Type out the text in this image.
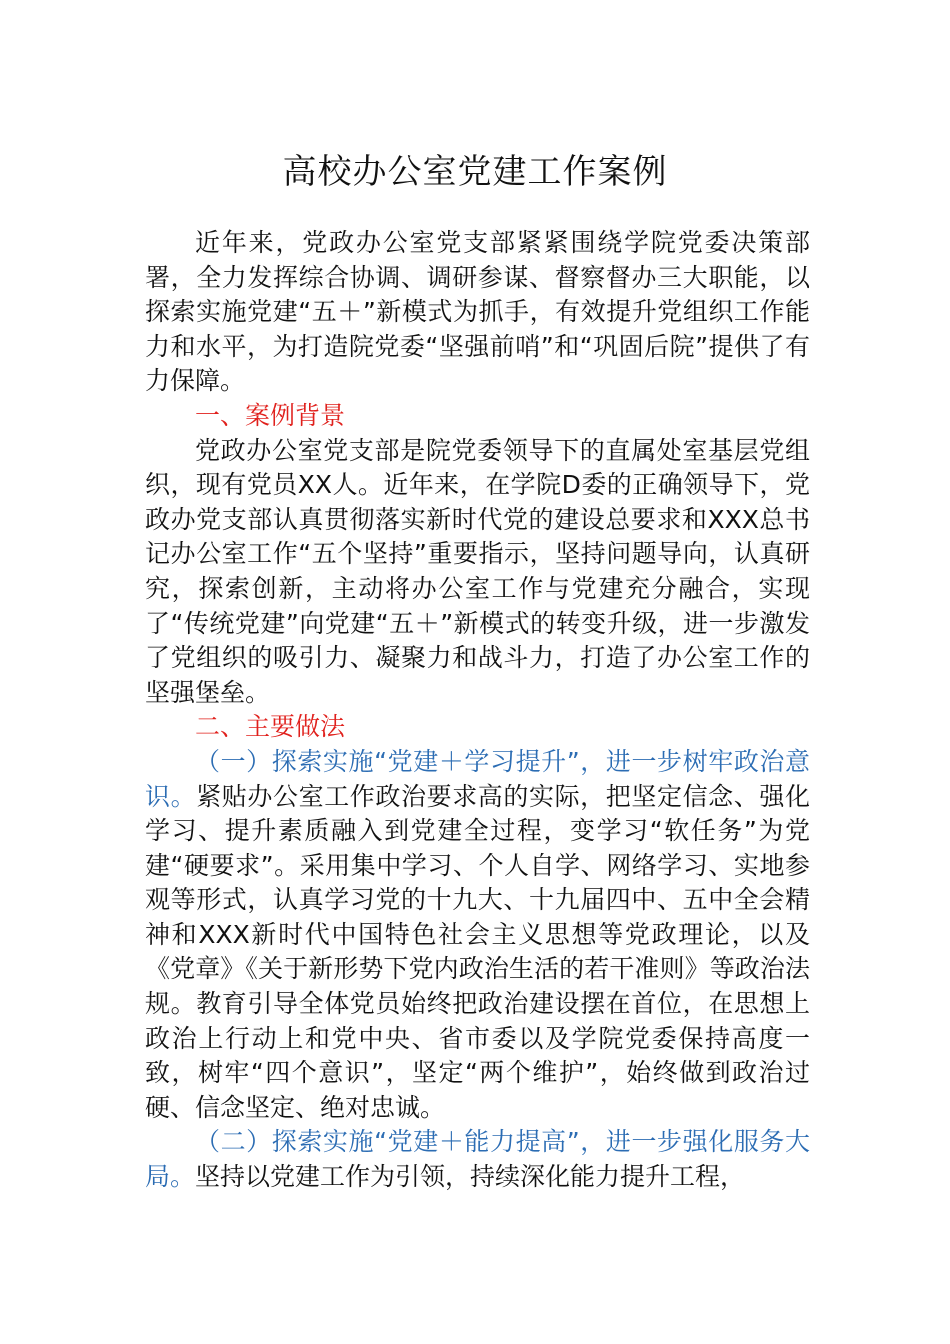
高校办公室党建工作案例

近年来，党政办公室党支部紧紧围绕学院党委决策部署，全力发挥综合协调、调研参谋、督察督办三大职能，以探索实施党建“五＋”新模式为抓手，有效提升党组织工作能力和水平，为打造院党委“坚强前哨”和“巩固后院”提供了有力保障。

一、案例背景

党政办公室党支部是院党委领导下的直属处室基层党组织，现有党员XX人。近年来，在学院D委的正确领导下，党政办党支部认真贯彻落实新时代党的建设总要求和XXX总书记办公室工作“五个坚持”重要指示，坚持问题导向，认真研究，探索创新，主动将办公室工作与党建充分融合，实现了“传统党建”向党建“五＋”新模式的转变升级，进一步激发了党组织的吸引力、凝聚力和战斗力，打造了办公室工作的坚强堡垒。

二、主要做法

（一）探索实施“党建＋学习提升”，进一步树牢政治意识。紧贴办公室工作政治要求高的实际，把坚定信念、强化学习、提升素质融入到党建全过程，变学习“软任务”为党建“硬要求”。采用集中学习、个人自学、网络学习、实地参观等形式，认真学习党的十九大、十九届四中、五中全会精神和XXX新时代中国特色社会主义思想等党政理论，以及《党章》《关于新形势下党内政治生活的若干准则》等政治法规。教育引导全体党员始终把政治建设摆在首位，在思想上政治上行动上和党中央、省市委以及学院党委保持高度一致，树牢“四个意识”，坚定“两个维护”，始终做到政治过硬、信念坚定、绝对忠诚。

（二）探索实施“党建＋能力提高”，进一步强化服务大局。坚持以党建工作为引领，持续深化能力提升工程，
